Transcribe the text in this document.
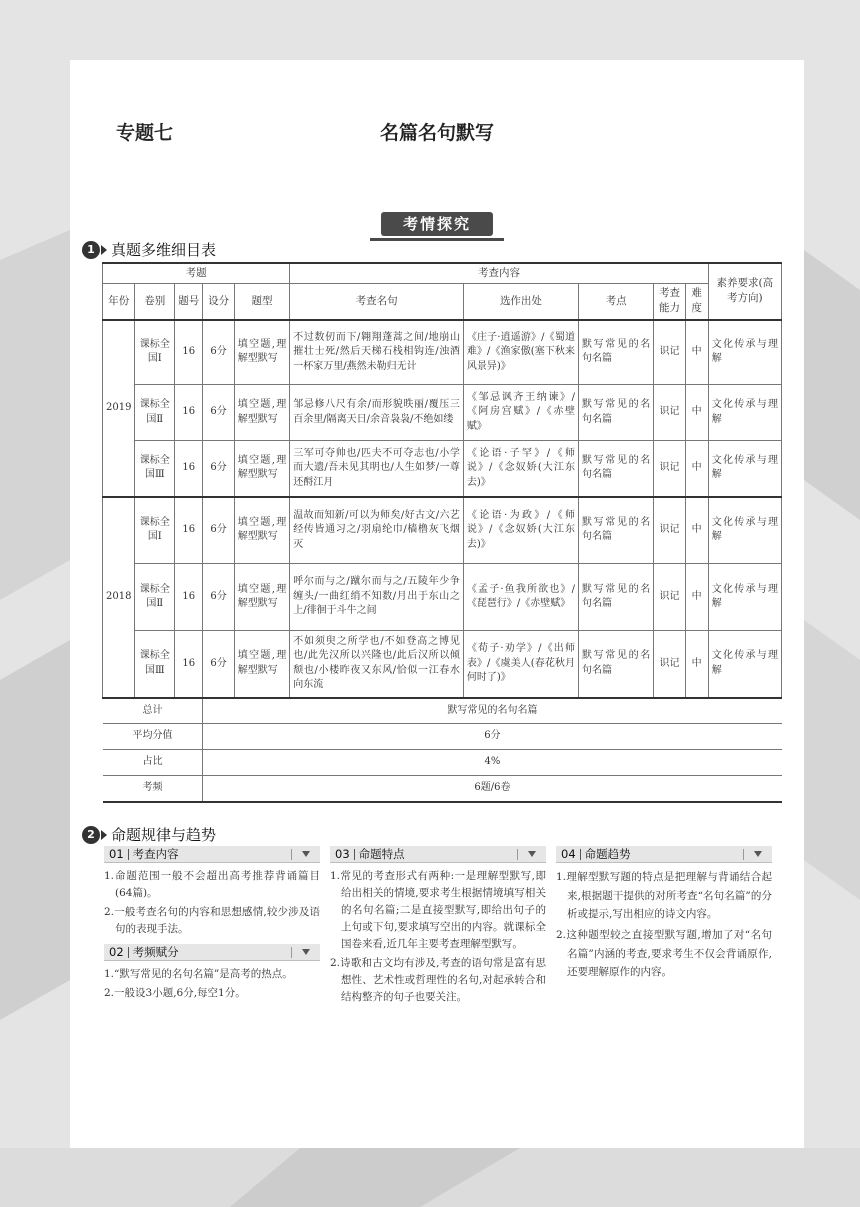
专题七	名篇名句默写
考情探究
1	真题多维细目表
考题					考查内容					素养要求(高考方向)
年份	卷别	题号	设分	题型	考查名句	选作出处	考点	考查能力	难度	
2019	课标全国Ⅰ	16	6分	填空题,理解型默写	不过数仞而下/翱翔蓬蒿之间/地崩山摧壮士死/然后天梯石栈相钩连/浊酒一杯家万里/燕然未勒归无计	《庄子·逍遥游》/《蜀道难》/《渔家傲(塞下秋来风景异)》	默写常见的名句名篇	识记	中	文化传承与理解
	课标全国Ⅱ	16	6分	填空题,理解型默写	邹忌修八尺有余/而形貌昳丽/覆压三百余里/隔离天日/余音袅袅/不绝如缕	《邹忌讽齐王纳谏》/《阿房宫赋》/《赤壁赋》	默写常见的名句名篇	识记	中	文化传承与理解
	课标全国Ⅲ	16	6分	填空题,理解型默写	三军可夺帅也/匹夫不可夺志也/小学而大遗/吾未见其明也/人生如梦/一尊还酹江月	《论语·子罕》/《师说》/《念奴娇(大江东去)》	默写常见的名句名篇	识记	中	文化传承与理解
2018	课标全国Ⅰ	16	6分	填空题,理解型默写	温故而知新/可以为师矣/好古文/六艺经传皆通习之/羽扇纶巾/樯橹灰飞烟灭	《论语·为政》/《师说》/《念奴娇(大江东去)》	默写常见的名句名篇	识记	中	文化传承与理解
	课标全国Ⅱ	16	6分	填空题,理解型默写	呼尔而与之/蹴尔而与之/五陵年少争缠头/一曲红绡不知数/月出于东山之上/徘徊于斗牛之间	《孟子·鱼我所欲也》/《琵琶行》/《赤壁赋》	默写常见的名句名篇	识记	中	文化传承与理解
	课标全国Ⅲ	16	6分	填空题,理解型默写	不如须臾之所学也/不如登高之博见也/此先汉所以兴隆也/此后汉所以倾颓也/小楼昨夜又东风/恰似一江春水向东流	《荀子·劝学》/《出师表》/《虞美人(春花秋月何时了)》	默写常见的名句名篇	识记	中	文化传承与理解
总计			默写常见的名句名篇							
平均分值			6分							
占比			4%							
考频			6题/6卷							
2	命题规律与趋势
01 考查内容
1.命题范围一般不会超出高考推荐背诵篇目(64篇)。
2.一般考查名句的内容和思想感情,较少涉及语句的表现手法。
02 考频赋分
1.“默写常见的名句名篇”是高考的热点。
2.一般设3小题,6分,每空1分。
03 命题特点
1.常见的考查形式有两种:一是理解型默写,即给出相关的情境,要求考生根据情境填写相关的名句名篇;二是直接型默写,即给出句子的上句或下句,要求填写空出的内容。就课标全国卷来看,近几年主要考查理解型默写。
2.诗歌和古文均有涉及,考查的语句常是富有思想性、艺术性或哲理性的名句,对起承转合和结构整齐的句子也要关注。
04 命题趋势
1.理解型默写题的特点是把理解与背诵结合起来,根据题干提供的对所考查“名句名篇”的分析或提示,写出相应的诗文内容。
2.这种题型较之直接型默写题,增加了对“名句名篇”内涵的考查,要求考生不仅会背诵原作,还要理解原作的内容。
